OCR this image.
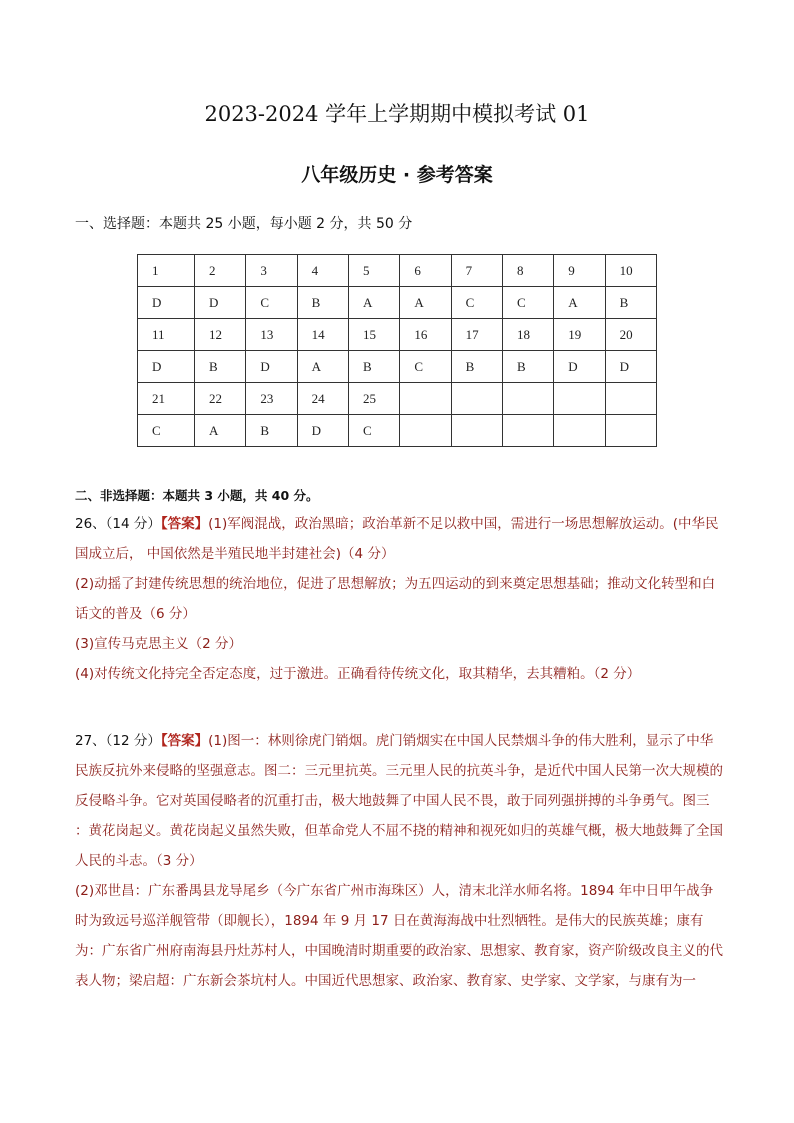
2023-2024 学年上学期期中模拟考试 01
八年级历史 · 参考答案
一、选择题：本题共 25 小题，每小题 2 分，共 50 分
1	2	3	4	5	6	7	8	9	10
D	D	C	B	A	A	C	C	A	B
11	12	13	14	15	16	17	18	19	20
D	B	D	A	B	C	B	B	D	D
21	22	23	24	25					
C	A	B	D	C					
二、非选择题：本题共 3 小题，共 40 分。

26、（14 分）【答案】(1)军阀混战，政治黑暗；政治革新不足以救中国，需进行一场思想解放运动。(中华民国成立后， 中国依然是半殖民地半封建社会)（4 分）

(2)动摇了封建传统思想的统治地位，促进了思想解放；为五四运动的到来奠定思想基础；推动文化转型和白话文的普及（6 分）

(3)宣传马克思主义（2 分）

(4)对传统文化持完全否定态度，过于激进。正确看待传统文化，取其精华，去其糟粕。（2 分）

27、（12 分）【答案】(1)图一：林则徐虎门销烟。虎门销烟实在中国人民禁烟斗争的伟大胜利，显示了中华民族反抗外来侵略的坚强意志。图二：三元里抗英。三元里人民的抗英斗争，是近代中国人民第一次大规模的反侵略斗争。它对英国侵略者的沉重打击，极大地鼓舞了中国人民不畏，敢于同列强拼搏的斗争勇气。图三 ：黄花岗起义。黄花岗起义虽然失败，但革命党人不屈不挠的精神和视死如归的英雄气概，极大地鼓舞了全国人民的斗志。（3 分）

(2)邓世昌：广东番禺县龙导尾乡（今广东省广州市海珠区）人，清末北洋水师名将。1894 年中日甲午战争时为致远号巡洋舰管带（即舰长），1894 年 9 月 17 日在黄海海战中壮烈牺牲。是伟大的民族英雄；康有为：广东省广州府南海县丹灶苏村人，中国晚清时期重要的政治家、思想家、教育家，资产阶级改良主义的代表人物；梁启超：广东新会茶坑村人。中国近代思想家、政治家、教育家、史学家、文学家，与康有为一
